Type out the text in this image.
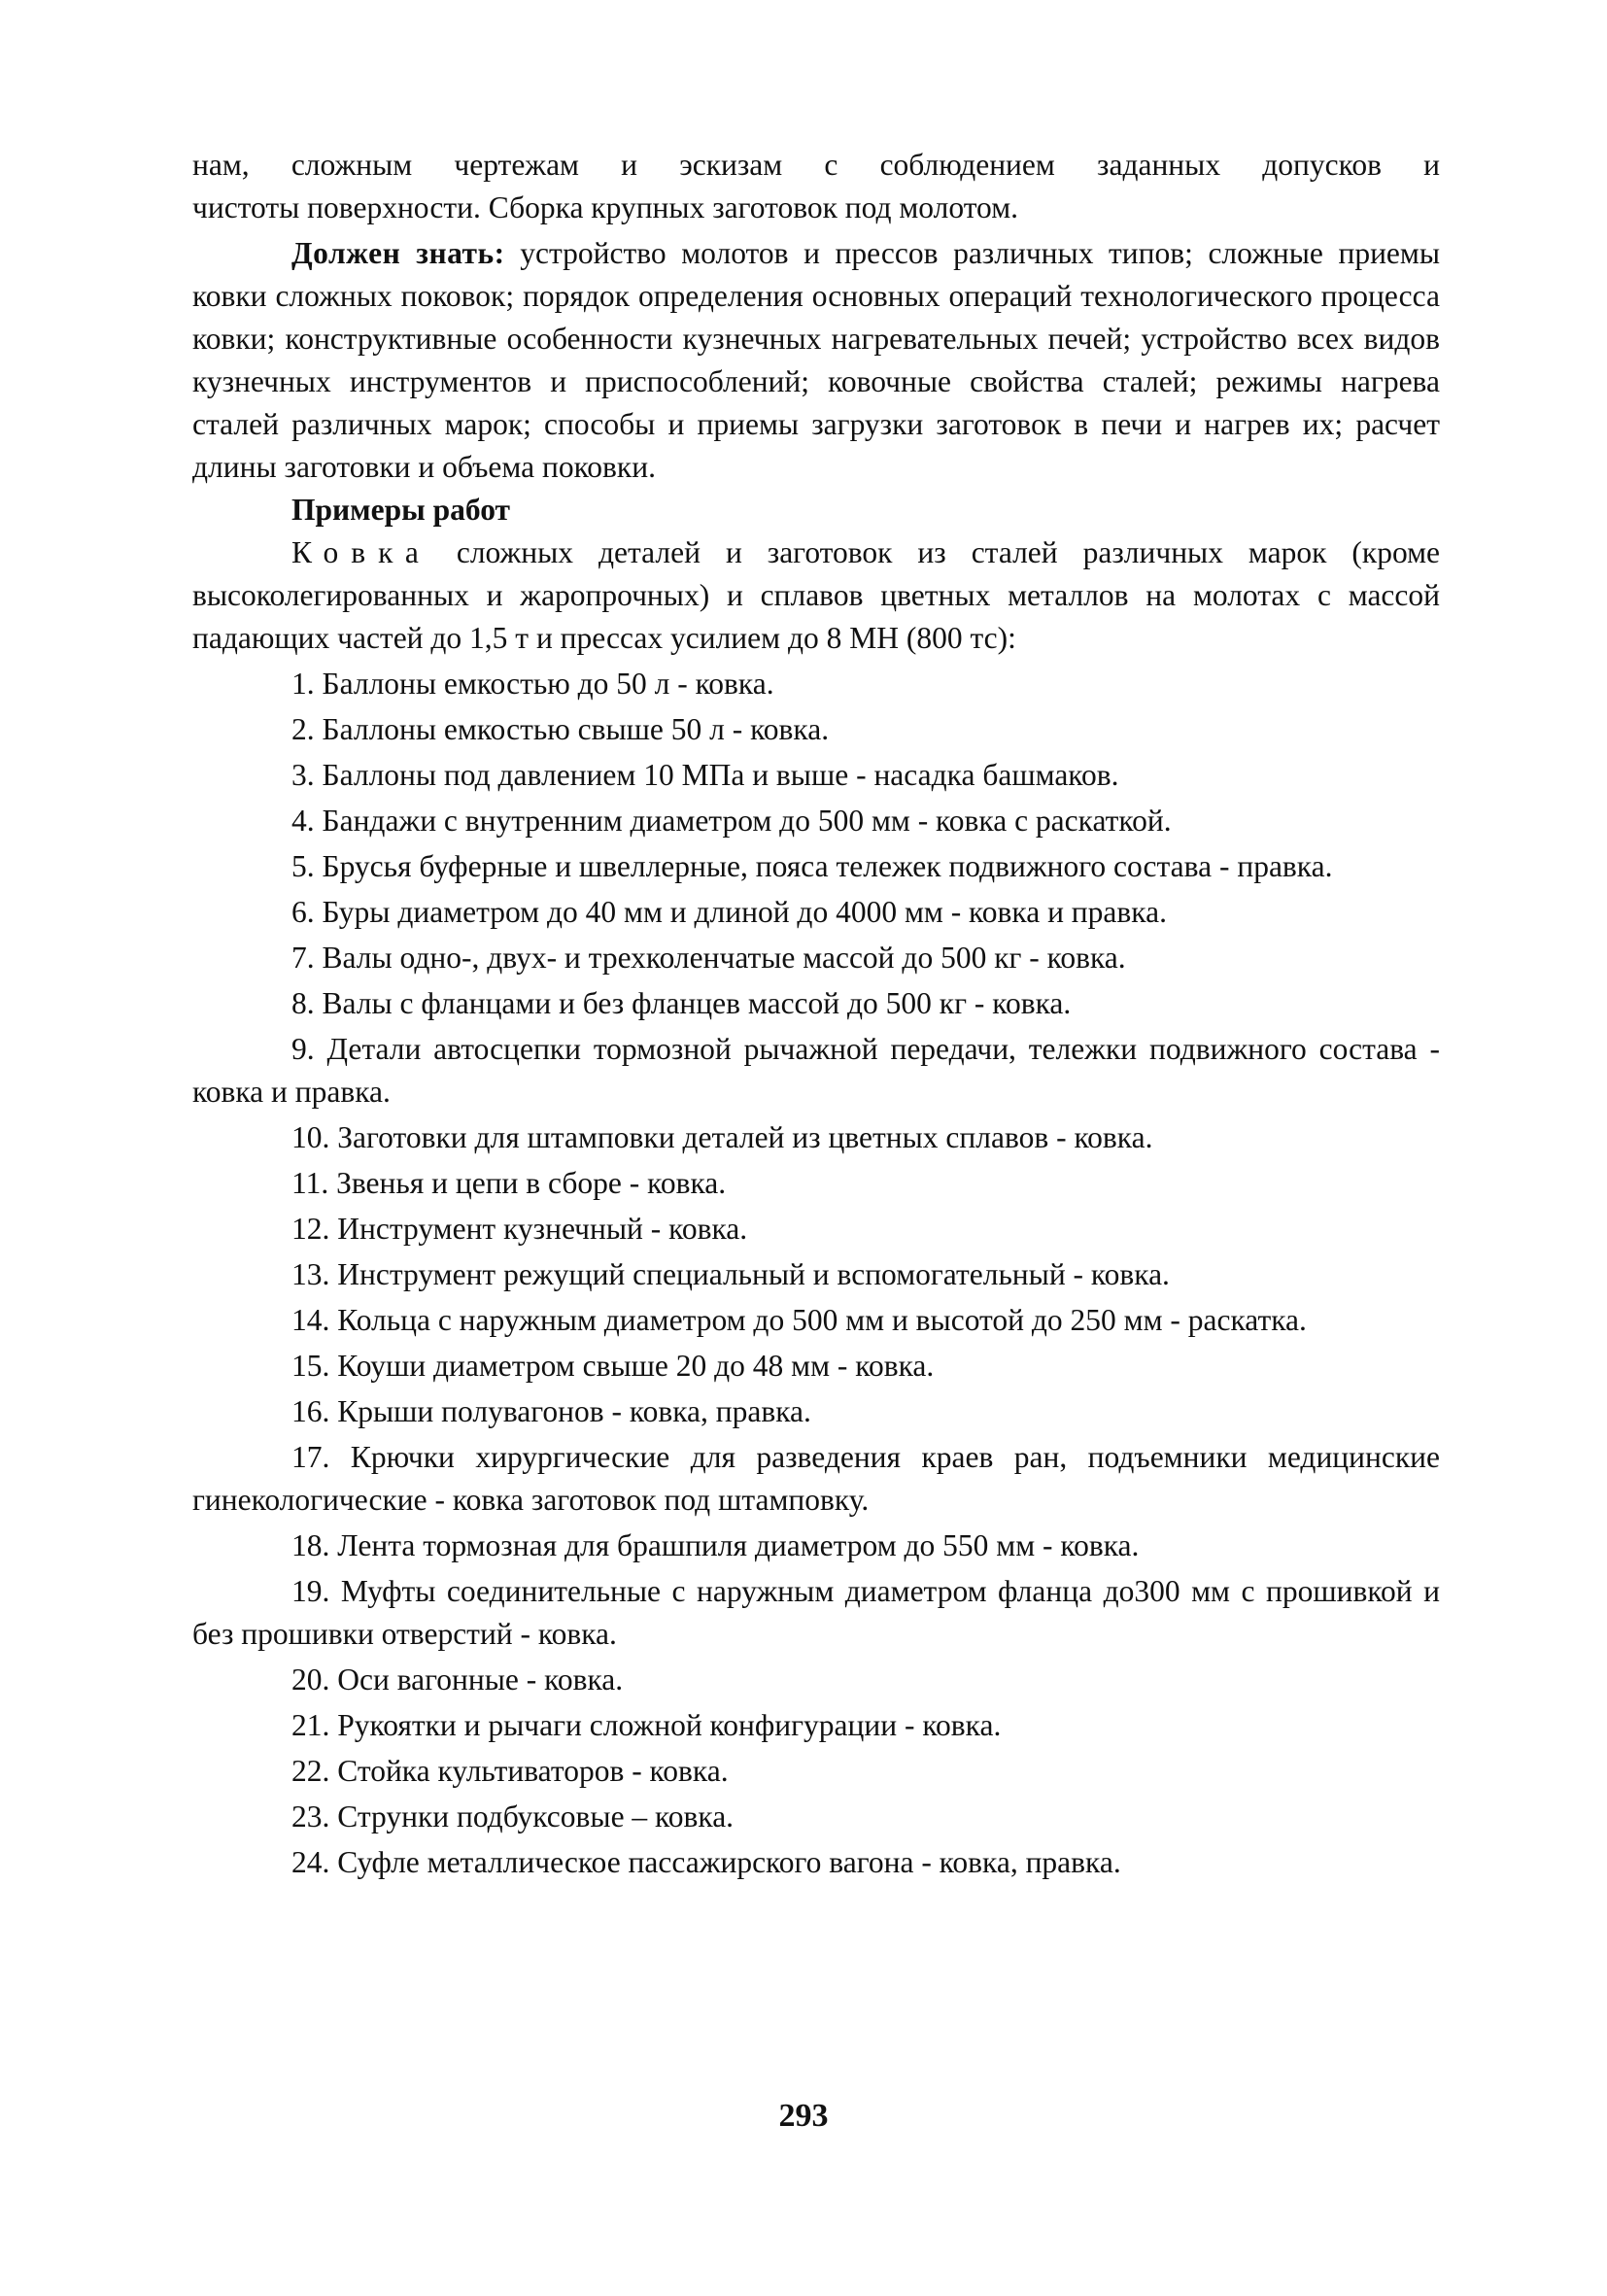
нам, сложным чертежам и эскизам с соблюдением заданных допусков и

чистоты поверхности. Сборка крупных заготовок под молотом.

Должен знать: устройство молотов и прессов различных типов; сложные приемы ковки сложных поковок; порядок определения основных операций технологического процесса ковки; конструктивные особенности кузнечных нагревательных печей; устройство всех видов кузнечных инструментов и приспособлений; ковочные свойства сталей; режимы нагрева сталей различных марок; способы и приемы загрузки заготовок в печи и нагрев их; расчет длины заготовки и объема поковки.

Примеры работ

Ковка сложных деталей и заготовок из сталей различных марок (кроме высоколегированных и жаропрочных) и сплавов цветных металлов на молотах с массой падающих частей до 1,5 т и прессах усилием до 8 МН (800 тс):

1. Баллоны емкостью до 50 л - ковка.

2. Баллоны емкостью свыше 50 л - ковка.

3. Баллоны под давлением 10 МПа и выше - насадка башмаков.

4. Бандажи с внутренним диаметром до 500 мм - ковка с раскаткой.

5. Брусья буферные и швеллерные, пояса тележек подвижного состава - правка.

6. Буры диаметром до 40 мм и длиной до 4000 мм - ковка и правка.

7. Валы одно-, двух- и трехколенчатые массой до 500 кг - ковка.

8. Валы с фланцами и без фланцев массой до 500 кг - ковка.

9. Детали автосцепки тормозной рычажной передачи, тележки подвижного состава - ковка и правка.

10. Заготовки для штамповки деталей из цветных сплавов - ковка.

11. Звенья и цепи в сборе - ковка.

12. Инструмент кузнечный - ковка.

13. Инструмент режущий специальный и вспомогательный - ковка.

14. Кольца с наружным диаметром до 500 мм и высотой до 250 мм - раскатка.

15. Коуши диаметром свыше 20 до 48 мм - ковка.

16. Крыши полувагонов - ковка, правка.

17. Крючки хирургические для разведения краев ран, подъемники медицинские гинекологические - ковка заготовок под штамповку.

18. Лента тормозная для брашпиля диаметром до 550 мм - ковка.

19. Муфты соединительные с наружным диаметром фланца до300 мм с прошивкой и без прошивки отверстий - ковка.

20. Оси вагонные - ковка.

21. Рукоятки и рычаги сложной конфигурации - ковка.

22. Стойка культиваторов - ковка.

23. Струнки подбуксовые – ковка.

24. Суфле металлическое пассажирского вагона - ковка, правка.

293
